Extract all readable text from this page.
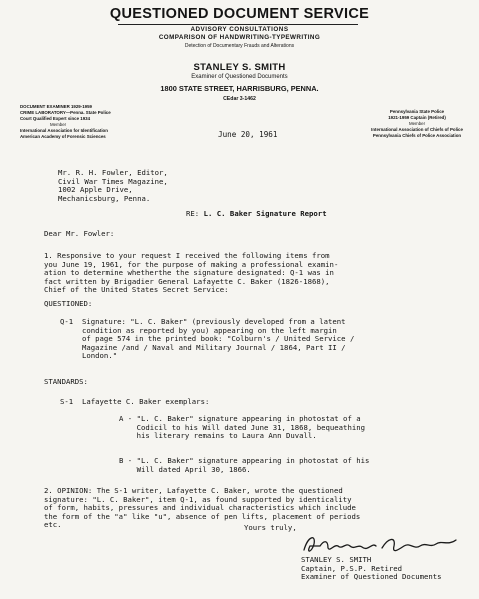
QUESTIONED DOCUMENT SERVICE
ADVISORY CONSULTATIONS
COMPARISON OF HANDWRITING-TYPEWRITING
Detection of Documentary Frauds and Alterations
STANLEY S. SMITH
Examiner of Questioned Documents
1800 STATE STREET, HARRISBURG, PENNA.
CEdar 3-1462
DOCUMENT EXAMINER 1929-1959
CRIME LABORATORY—Penna. State Police
Court Qualified Expert since 1934
Member
International Association for Identification
American Academy of Forensic Sciences
Pennsylvania State Police
1921-1959 Captain (Retired)
Member
International Association of Chiefs of Police
Pennsylvania Chiefs of Police Association
June 20, 1961
Mr. R. H. Fowler, Editor,
Civil War Times Magazine,
1002 Apple Drive,
Mechanicsburg, Penna.
RE: L. C. Baker Signature Report
Dear Mr. Fowler:
1. Responsive to your request I received the following items from
you June 19, 1961, for the purpose of making a professional examin-
ation to determine whetherthe the signature designated: Q-1 was in
fact written by Brigadier General Lafayette C. Baker (1826-1868),
Chief of the United States Secret Service:
QUESTIONED:
Q-1  Signature: "L. C. Baker" (previously developed from a latent
condition as reported by you) appearing on the left margin
of page 574 in the printed book: "Colburn's / United Service /
Magazine /and / Naval and Military Journal / 1864, Part II /
London."
STANDARDS:
S-1  Lafayette C. Baker exemplars:
A - "L. C. Baker" signature appearing in photostat of a
Codicil to his Will dated June 31, 1868, bequeathing
his literary remains to Laura Ann Duvall.
B - "L. C. Baker" signature appearing in photostat of his
Will dated April 30, 1866.
2. OPINION: The S-1 writer, Lafayette C. Baker, wrote the questioned
signature: "L. C. Baker", item Q-1, as found supported by identicality
of form, habits, pressures and individual characteristics which include
the form of the "a" like "u", absence of pen lifts, placement of periods
etc.	Yours truly,
STANLEY S. SMITH
Captain, P.S.P. Retired
Examiner of Questioned Documents
